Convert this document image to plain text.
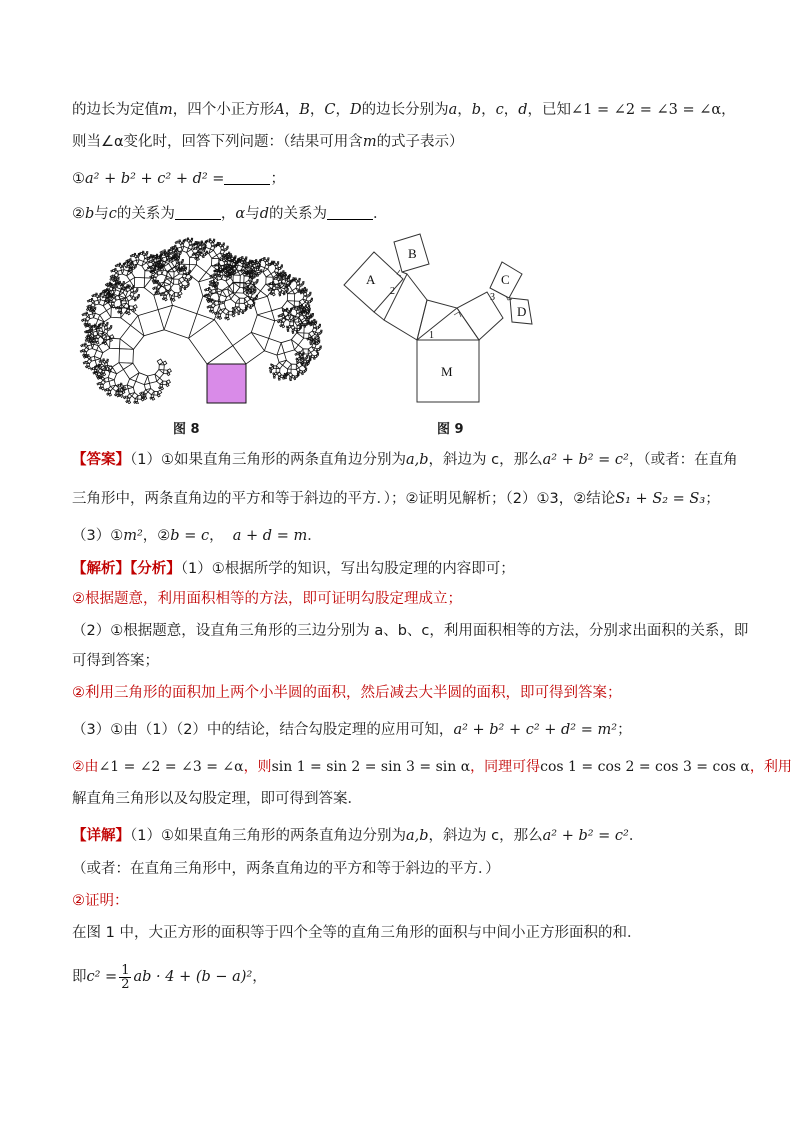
的边长为定值m，四个小正方形A，B，C，D的边长分别为a，b，c，d，已知∠1 = ∠2 = ∠3 = ∠α，
则当∠α变化时，回答下列问题：（结果可用含m的式子表示）
①a² + b² + c² + d² =	；
②b与c的关系为	，α与d的关系为	．
图 8
A
B
C
D
M
1
2
3
图 9
【答案】（1）①如果直角三角形的两条直角边分别为a,b，斜边为 c，那么a² + b² = c²，（或者：在直角
三角形中，两条直角边的平方和等于斜边的平方．）；②证明见解析；（2）①3，②结论S₁ + S₂ = S₃；
（3）①m²，②b = c， a + d = m．
【解析】【分析】（1）①根据所学的知识，写出勾股定理的内容即可；
②根据题意，利用面积相等的方法，即可证明勾股定理成立；
（2）①根据题意，设直角三角形的三边分别为 a、b、c，利用面积相等的方法，分别求出面积的关系，即
可得到答案；
②利用三角形的面积加上两个小半圆的面积，然后减去大半圆的面积，即可得到答案；
（3）①由（1）（2）中的结论，结合勾股定理的应用可知，a² + b² + c² + d² = m²；
②由∠1 = ∠2 = ∠3 = ∠α，则sin 1 = sin 2 = sin 3 = sin α，同理可得cos 1 = cos 2 = cos 3 = cos α，利用
解直角三角形以及勾股定理，即可得到答案．
【详解】（1）①如果直角三角形的两条直角边分别为a,b，斜边为 c，那么a² + b² = c²．
（或者：在直角三角形中，两条直角边的平方和等于斜边的平方．）
②证明：
在图 1 中，大正方形的面积等于四个全等的直角三角形的面积与中间小正方形面积的和．
即$c^2 = \frac{1}{2}$ ab · 4 + (b − a)²，
